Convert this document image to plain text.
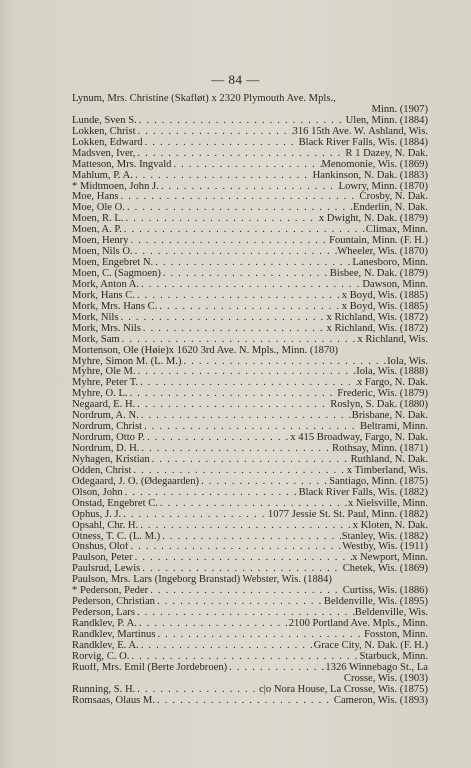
— 84 —
Lynum, Mrs. Christine (Skafløt) x 2320 Plymouth Ave. Mpls.,
Minn. (1907)
Lunde, Sven S. . . .	Ulen, Minn. (1884)
Lokken, Christ . . .	316 15th Ave. W.
Ashland, Wis.
Lokken, Edward . . .	Black River Falls, Wis. (1884)
Madsven, Iver, . . .	R 1 Dazey, N. Dak.
Matteson, Mrs. Ingvald . . .	Menomonie, Wis. (1869)
Mahlum, P. A. . . .	Hankinson, N. Dak. (1883)
* Midtmoen, John J. . . .	Lowry, Minn. (1870)
Moe, Hans . . .	Crosby, N. Dak.
Moe, Ole O. . . .	Enderlin, N. Dak.
Moen, R. L. . . .	x Dwight, N. Dak. (1879)
Moen, A. P. . . .	Climax, Minn.
Moen, Henry . . .	Fountain, Minn. (F. H.)
Moen, Nils O. . . .	Wheeler, Wis. (1870)
Moen, Engebret N. . . .	Lanesboro, Minn.
Moen, C. (Sagmoen) . . .	Bisbee, N. Dak. (1879)
Mork, Anton A. . . .	Dawson, Minn.
Mork, Hans C. . . .	x Boyd, Wis. (1885)
Mork, Mrs. Hans C. . . .	x Boyd, Wis. (1885)
Mork, Nils . . .	x Richland, Wis. (1872)
Mork, Mrs. Nils . . .	x Richland, Wis. (1872)
Mork, Sam . . .	x Richland, Wis.
Mortenson, Ole (Høie)x 1620 3rd Ave. N. Mpls., Minn. (1870)
Myhre, Simon M. (L. M.) . . .	Iola, Wis.
Myhre, Ole M. . . .	Iola, Wis. (1888)
Myhre, Peter T. . . .	x Fargo, N. Dak.
Myhre, O. L. . . .	Frederic, Wis. (1879)
Negaard, E. H. . . .	Roslyn, S. Dak. (1880)
Nordrum, A. N. . . .	Brisbane, N. Dak.
Nordrum, Christ . . .	Beltrami, Minn.
Nordrum, Otto P. . . .	x 415 Broadway,
Fargo, N. Dak.
Nordrum, D. H. . . .	Rothsay, Minn. (1871)
Nyhagen, Kristian . . .	Ruthland, N. Dak.
Odden, Christ . . .	x Timberland, Wis.
Odegaard, J. O. (Ødegaarden) . . .	Santiago, Minn. (1875)
Olson, John . . .	Black River Falls, Wis. (1882)
Onstad, Engebret C. . . .	x Nielsville, Minn.
Ophus, J. J. . . .	1077 Jessie St.
St. Paul, Minn. (1882)
Opsahl, Chr. H. . . .	x Kloten, N. Dak.
Otness, T. C. (L. M.) . . .	Stanley, Wis. (1882)
Onshus, Olof . . .	Westby, Wis. (1911)
Paulson, Peter . . .	x Newport, Minn.
Paulsrud, Lewis . . .	Chetek, Wis. (1869)
Paulson, Mrs. Lars (Ingeborg Branstad) Webster, Wis. (1884)
* Pederson, Peder . . .	Curtiss, Wis. (1886)
Pederson, Christian . . .	Beldenville, Wis. (1895)
Pederson, Lars . . .	Beldenville, Wis.
Randklev, P. A. . . .	2100 Portland Ave.
Mpls., Minn.
Randklev, Martinus . . .	Fosston, Minn.
Randklev, E. A. . . .	Grace City, N. Dak. (F. H.)
Rorvig, C. O. . . .	Starbuck, Minn.
Ruoff, Mrs. Emil (Berte Jordebroen) . . .	1326 Winnebago St., La
Crosse, Wis. (1903)
Running, S. H. . . .	c|o Nora House, La Crosse, Wis. (1875)
Romsaas, Olaus M. . . .	Cameron, Wis. (1893)
